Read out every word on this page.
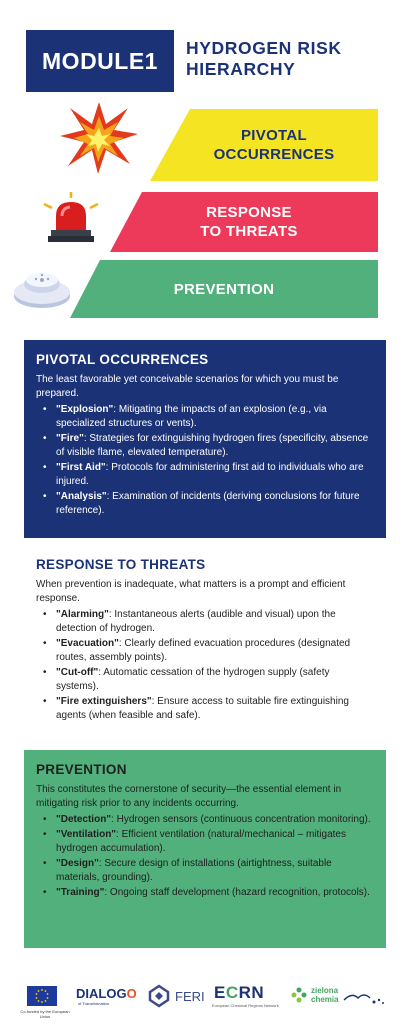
MODULE1 HYDROGEN RISK
HIERARCHY
PIVOTAL
OCCURRENCES
RESPONSE
TO THREATS
PREVENTION
PIVOTAL OCCURRENCES
The least favorable yet conceivable scenarios for which you must be prepared.
• "Explosion": Mitigating the impacts of an explosion (e.g., via specialized structures or vents).
• "Fire": Strategies for extinguishing hydrogen fires (specificity, absence of visible flame, elevated temperature).
• "First Aid": Protocols for administering first aid to individuals who are injured.
• "Analysis": Examination of incidents (deriving conclusions for future reference).
RESPONSE TO THREATS
When prevention is inadequate, what matters is a prompt and efficient response.
• "Alarming": Instantaneous alerts (audible and visual) upon the detection of hydrogen.
• "Evacuation": Clearly defined evacuation procedures (designated routes, assembly points).
• "Cut-off": Automatic cessation of the hydrogen supply (safety systems).
• "Fire extinguishers": Ensure access to suitable fire extinguishing agents (when feasible and safe).
PREVENTION
This constitutes the cornerstone of security—the essential element in mitigating risk prior to any incidents occurring.
• "Detection": Hydrogen sensors (continuous concentration monitoring).
• "Ventilation": Efficient ventilation (natural/mechanical – mitigates hydrogen accumulation).
• "Design": Secure design of installations (airtightness, suitable materials, grounding).
• "Training": Ongoing staff development (hazard recognition, protocols).
Co-funded by the European Union
DIALOG O
of Transformation	FERI E C RN
European Chemical Regions Network
zielona
chemia
